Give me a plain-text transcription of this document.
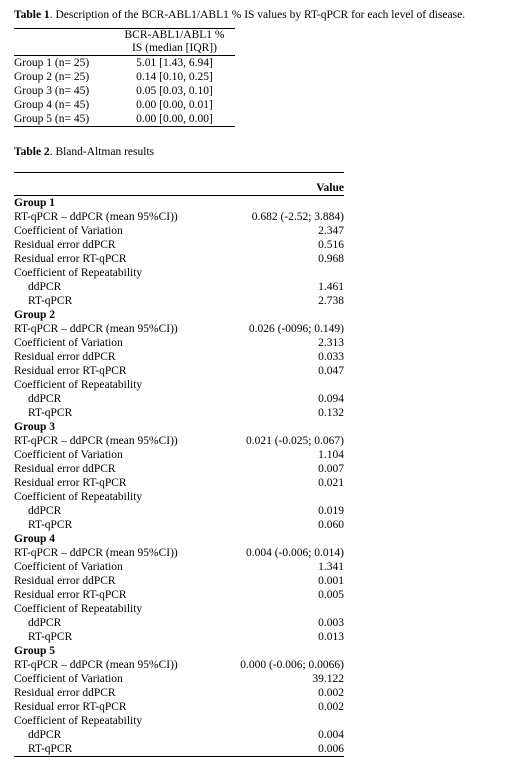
Table 1. Description of the BCR-ABL1/ABL1 % IS values by RT-qPCR for each level of disease.

	BCR-ABL1/ABL1 %
IS (median [IQR])

Group 1 (n= 25)	5.01 [1.43, 6.94]
Group 2 (n= 25)	0.14 [0.10, 0.25]
Group 3 (n= 45)	0.05 [0.03, 0.10]
Group 4 (n= 45)	0.00 [0.00, 0.01]
Group 5 (n= 45)	0.00 [0.00, 0.00]

Table 2. Bland-Altman results

	Value

Group 1	
RT-qPCR – ddPCR (mean 95%CI))	0.682 (-2.52; 3.884)
Coefficient of Variation	2.347
Residual error ddPCR	0.516
Residual error RT-qPCR	0.968
Coefficient of Repeatability	
ddPCR	1.461
RT-qPCR	2.738
Group 2	
RT-qPCR – ddPCR (mean 95%CI))	0.026 (-0096; 0.149)
Coefficient of Variation	2.313
Residual error ddPCR	0.033
Residual error RT-qPCR	0.047
Coefficient of Repeatability	
ddPCR	0.094
RT-qPCR	0.132
Group 3	
RT-qPCR – ddPCR (mean 95%CI))	0.021 (-0.025; 0.067)
Coefficient of Variation	1.104
Residual error ddPCR	0.007
Residual error RT-qPCR	0.021
Coefficient of Repeatability	
ddPCR	0.019
RT-qPCR	0.060
Group 4	
RT-qPCR – ddPCR (mean 95%CI))	0.004 (-0.006; 0.014)
Coefficient of Variation	1.341
Residual error ddPCR	0.001
Residual error RT-qPCR	0.005
Coefficient of Repeatability	
ddPCR	0.003
RT-qPCR	0.013
Group 5	
RT-qPCR – ddPCR (mean 95%CI))	0.000 (-0.006; 0.0066)
Coefficient of Variation	39.122
Residual error ddPCR	0.002
Residual error RT-qPCR	0.002
Coefficient of Repeatability	
ddPCR	0.004
RT-qPCR	0.006
